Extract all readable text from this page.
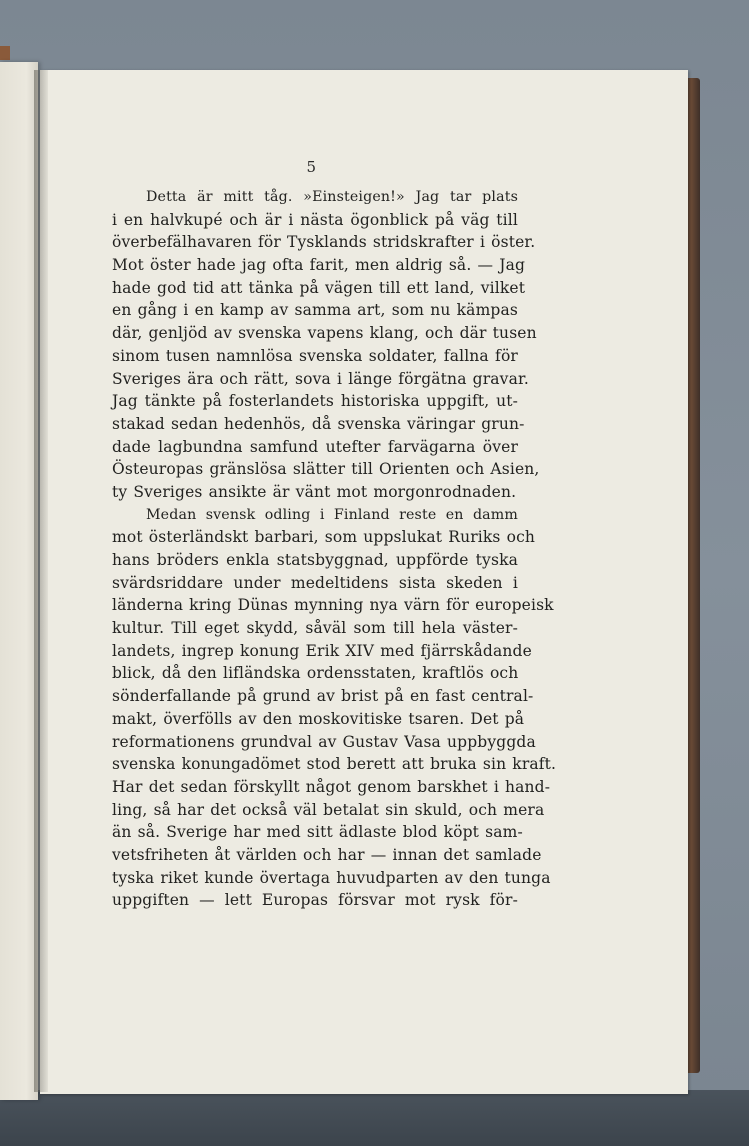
5
Detta är mitt tåg. »Einsteigen!» Jag tar plats
i en halvkupé och är i nästa ögonblick på väg till
överbefälhavaren för Tysklands stridskrafter i öster.
Mot öster hade jag ofta farit, men aldrig så. — Jag
hade god tid att tänka på vägen till ett land, vilket
en gång i en kamp av samma art, som nu kämpas
där, genljöd av svenska vapens klang, och där tusen
sinom tusen namnlösa svenska soldater, fallna för
Sveriges ära och rätt, sova i länge förgätna gravar.
Jag tänkte på fosterlandets historiska uppgift, ut-
stakad sedan hedenhös, då svenska väringar grun-
dade lagbundna samfund utefter farvägarna över
Östeuropas gränslösa slätter till Orienten och Asien,
ty Sveriges ansikte är vänt mot morgonrodnaden.
Medan svensk odling i Finland reste en damm
mot österländskt barbari, som uppslukat Ruriks och
hans bröders enkla statsbyggnad, uppförde tyska
svärdsriddare under medeltidens sista skeden i
länderna kring Dünas mynning nya värn för europeisk
kultur. Till eget skydd, såväl som till hela väster-
landets, ingrep konung Erik XIV med fjärrskådande
blick, då den lifländska ordensstaten, kraftlös och
sönderfallande på grund av brist på en fast central-
makt, överfölls av den moskovitiske tsaren. Det på
reformationens grundval av Gustav Vasa uppbyggda
svenska konungadömet stod berett att bruka sin kraft.
Har det sedan förskyllt något genom barskhet i hand-
ling, så har det också väl betalat sin skuld, och mera
än så. Sverige har med sitt ädlaste blod köpt sam-
vetsfriheten åt världen och har — innan det samlade
tyska riket kunde övertaga huvudparten av den tunga
uppgiften — lett Europas försvar mot rysk för-
